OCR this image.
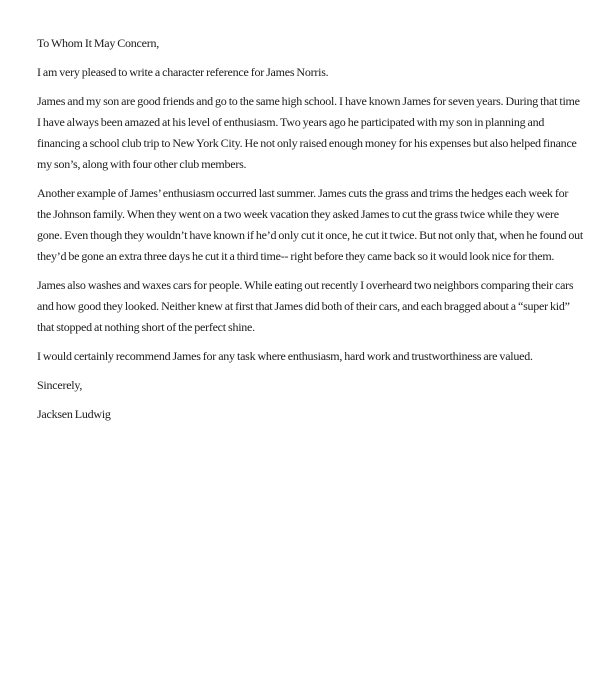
To Whom It May Concern,

I am very pleased to write a character reference for James Norris.

James and my son are good friends and go to the same high school. I have known James for seven years. During that time I have always been amazed at his level of enthusiasm. Two years ago he participated with my son in planning and financing a school club trip to New York City. He not only raised enough money for his expenses but also helped finance my son’s, along with four other club members.

Another example of James’ enthusiasm occurred last summer. James cuts the grass and trims the hedges each week for the Johnson family. When they went on a two week vacation they asked James to cut the grass twice while they were gone. Even though they wouldn’t have known if he’d only cut it once, he cut it twice. But not only that, when he found out they’d be gone an extra three days he cut it a third time-- right before they came back so it would look nice for them.

James also washes and waxes cars for people. While eating out recently I overheard two neighbors comparing their cars and how good they looked. Neither knew at first that James did both of their cars, and each bragged about a “super kid” that stopped at nothing short of the perfect shine.

I would certainly recommend James for any task where enthusiasm, hard work and trustworthiness are valued.

Sincerely,

Jacksen Ludwig
